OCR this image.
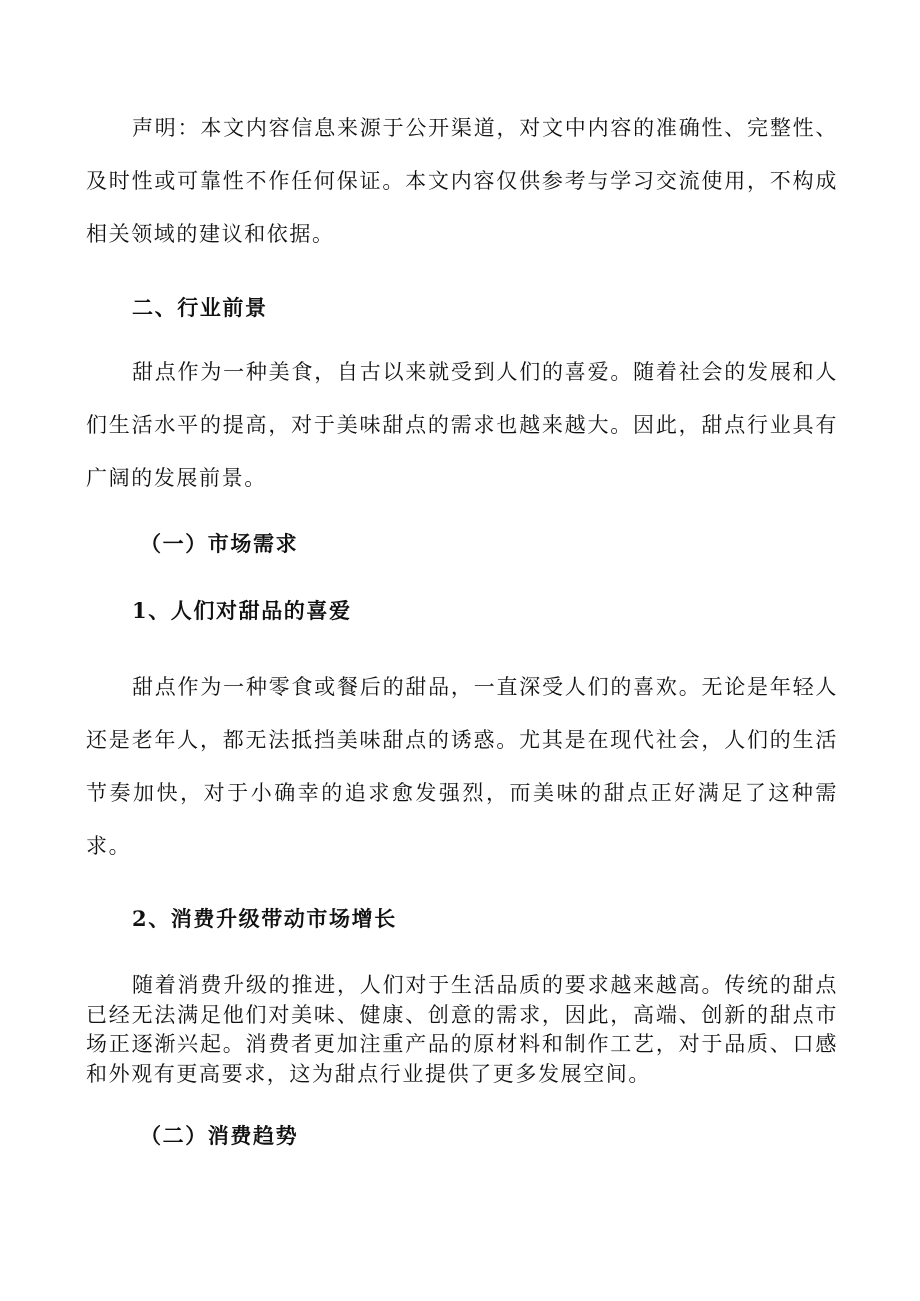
声明：本文内容信息来源于公开渠道，对文中内容的准确性、完整性、及时性或可靠性不作任何保证。本文内容仅供参考与学习交流使用，不构成相关领域的建议和依据。

二、行业前景

甜点作为一种美食，自古以来就受到人们的喜爱。随着社会的发展和人们生活水平的提高，对于美味甜点的需求也越来越大。因此，甜点行业具有广阔的发展前景。

（一）市场需求
1、人们对甜品的喜爱

甜点作为一种零食或餐后的甜品，一直深受人们的喜欢。无论是年轻人还是老年人，都无法抵挡美味甜点的诱惑。尤其是在现代社会，人们的生活节奏加快，对于小确幸的追求愈发强烈，而美味的甜点正好满足了这种需求。

2、消费升级带动市场增长

随着消费升级的推进，人们对于生活品质的要求越来越高。传统的甜点已经无法满足他们对美味、健康、创意的需求，因此，高端、创新的甜点市场正逐渐兴起。消费者更加注重产品的原材料和制作工艺，对于品质、口感和外观有更高要求，这为甜点行业提供了更多发展空间。

（二）消费趋势
